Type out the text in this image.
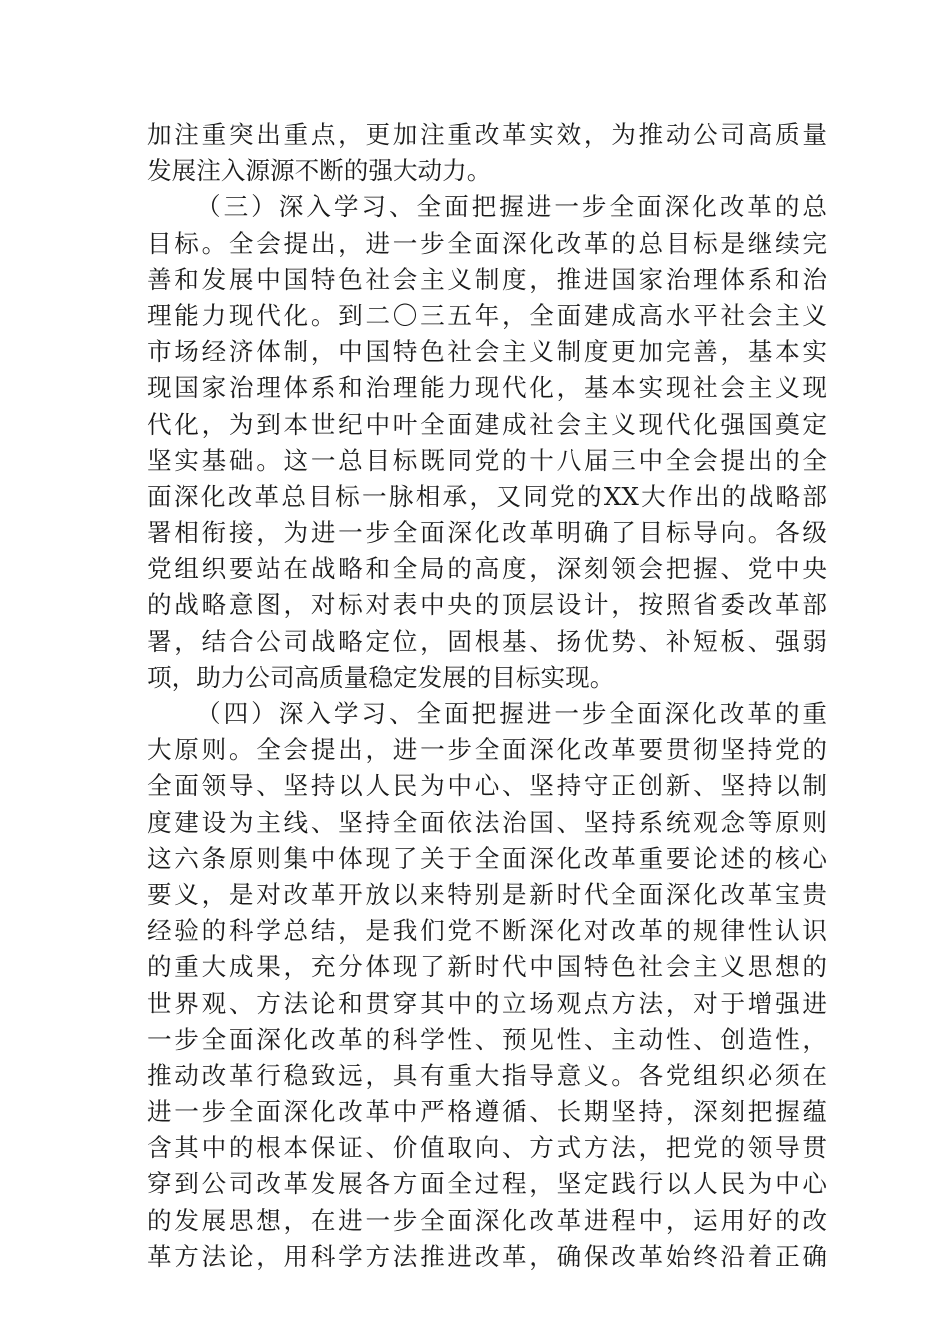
加注重突出重点，更加注重改革实效，为推动公司高质量
发展注入源源不断的强大动力。
（三）深入学习、全面把握进一步全面深化改革的总
目标。全会提出，进一步全面深化改革的总目标是继续完
善和发展中国特色社会主义制度，推进国家治理体系和治
理能力现代化。到二〇三五年，全面建成高水平社会主义
市场经济体制，中国特色社会主义制度更加完善，基本实
现国家治理体系和治理能力现代化，基本实现社会主义现
代化，为到本世纪中叶全面建成社会主义现代化强国奠定
坚实基础。这一总目标既同党的十八届三中全会提出的全
面深化改革总目标一脉相承，又同党的XX大作出的战略部
署相衔接，为进一步全面深化改革明确了目标导向。各级
党组织要站在战略和全局的高度，深刻领会把握、党中央
的战略意图，对标对表中央的顶层设计，按照省委改革部
署，结合公司战略定位，固根基、扬优势、补短板、强弱
项，助力公司高质量稳定发展的目标实现。
（四）深入学习、全面把握进一步全面深化改革的重
大原则。全会提出，进一步全面深化改革要贯彻坚持党的
全面领导、坚持以人民为中心、坚持守正创新、坚持以制
度建设为主线、坚持全面依法治国、坚持系统观念等原则
这六条原则集中体现了关于全面深化改革重要论述的核心
要义，是对改革开放以来特别是新时代全面深化改革宝贵
经验的科学总结，是我们党不断深化对改革的规律性认识
的重大成果，充分体现了新时代中国特色社会主义思想的
世界观、方法论和贯穿其中的立场观点方法，对于增强进
一步全面深化改革的科学性、预见性、主动性、创造性，
推动改革行稳致远，具有重大指导意义。各党组织必须在
进一步全面深化改革中严格遵循、长期坚持，深刻把握蕴
含其中的根本保证、价值取向、方式方法，把党的领导贯
穿到公司改革发展各方面全过程，坚定践行以人民为中心
的发展思想，在进一步全面深化改革进程中，运用好的改
革方法论，用科学方法推进改革，确保改革始终沿着正确
